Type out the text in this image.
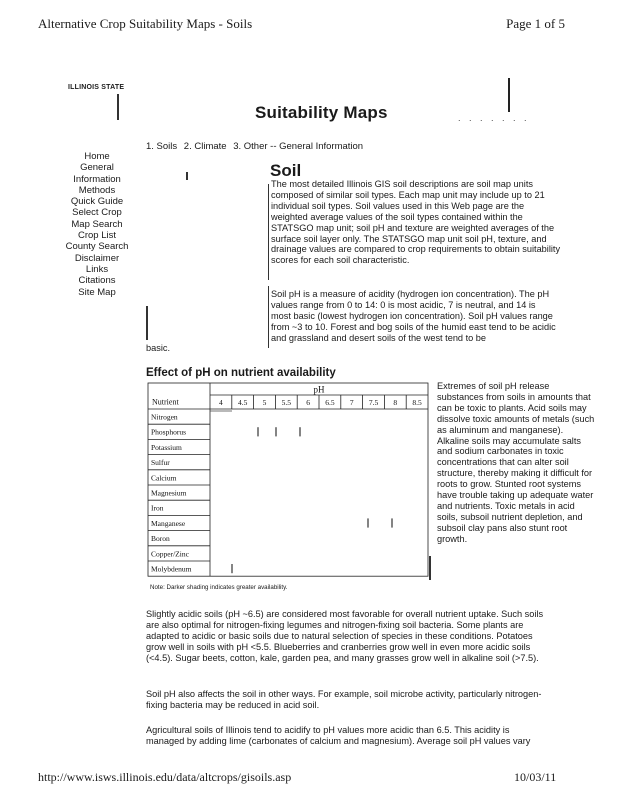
Alternative Crop Suitability Maps - Soils	Page 1 of 5
ILLINOIS STATE
. . . . . . .
Suitability Maps
1. Soils 2. Climate 3. Other -- General Information
Home
General
Information
Methods
Quick Guide
Select Crop
Map Search
Crop List
County Search
Disclaimer
Links
Citations
Site Map
Soil
The most detailed Illinois GIS soil descriptions are soil map units composed of similar soil types. Each map unit may include up to 21 individual soil types. Soil values used in this Web page are the weighted average values of the soil types contained within the STATSGO map unit; soil pH and texture are weighted averages of the surface soil layer only. The STATSGO map unit soil pH, texture, and drainage values are compared to crop requirements to obtain suitability scores for each soil characteristic.
Soil pH is a measure of acidity (hydrogen ion concentration). The pH values range from 0 to 14: 0 is most acidic, 7 is neutral, and 14 is most basic (lowest hydrogen ion concentration). Soil pH values range from ~3 to 10. Forest and bog soils of the humid east tend to be acidic and grassland and desert soils of the west tend to be
basic.
Effect of pH on nutrient availability
pH
Nutrient	4 4.5 5 5.5 6 6.5 7 7.5 8 8.5
Nitrogen
Phosphorus
Potassium
Sulfur
Calcium
Magnesium
Iron
Manganese
Boron
Copper/Zinc
Molybdenum
Note: Darker shading indicates greater availability.
Extremes of soil pH release substances from soils in amounts that can be toxic to plants. Acid soils may dissolve toxic amounts of metals (such as aluminum and manganese). Alkaline soils may accumulate salts and sodium carbonates in toxic concentrations that can alter soil structure, thereby making it difficult for roots to grow. Stunted root systems have trouble taking up adequate water and nutrients. Toxic metals in acid soils, subsoil nutrient depletion, and subsoil clay pans also stunt root growth.
Slightly acidic soils (pH ~6.5) are considered most favorable for overall nutrient uptake. Such soils are also optimal for nitrogen-fixing legumes and nitrogen-fixing soil bacteria. Some plants are adapted to acidic or basic soils due to natural selection of species in these conditions. Potatoes grow well in soils with pH <5.5. Blueberries and cranberries grow well in even more acidic soils (<4.5). Sugar beets, cotton, kale, garden pea, and many grasses grow well in alkaline soil (>7.5).
Soil pH also affects the soil in other ways. For example, soil microbe activity, particularly nitrogen-fixing bacteria may be reduced in acid soil.
Agricultural soils of Illinois tend to acidify to pH values more acidic than 6.5. This acidity is managed by adding lime (carbonates of calcium and magnesium). Average soil pH values vary
http://www.isws.illinois.edu/data/altcrops/gisoils.asp	10/03/11
